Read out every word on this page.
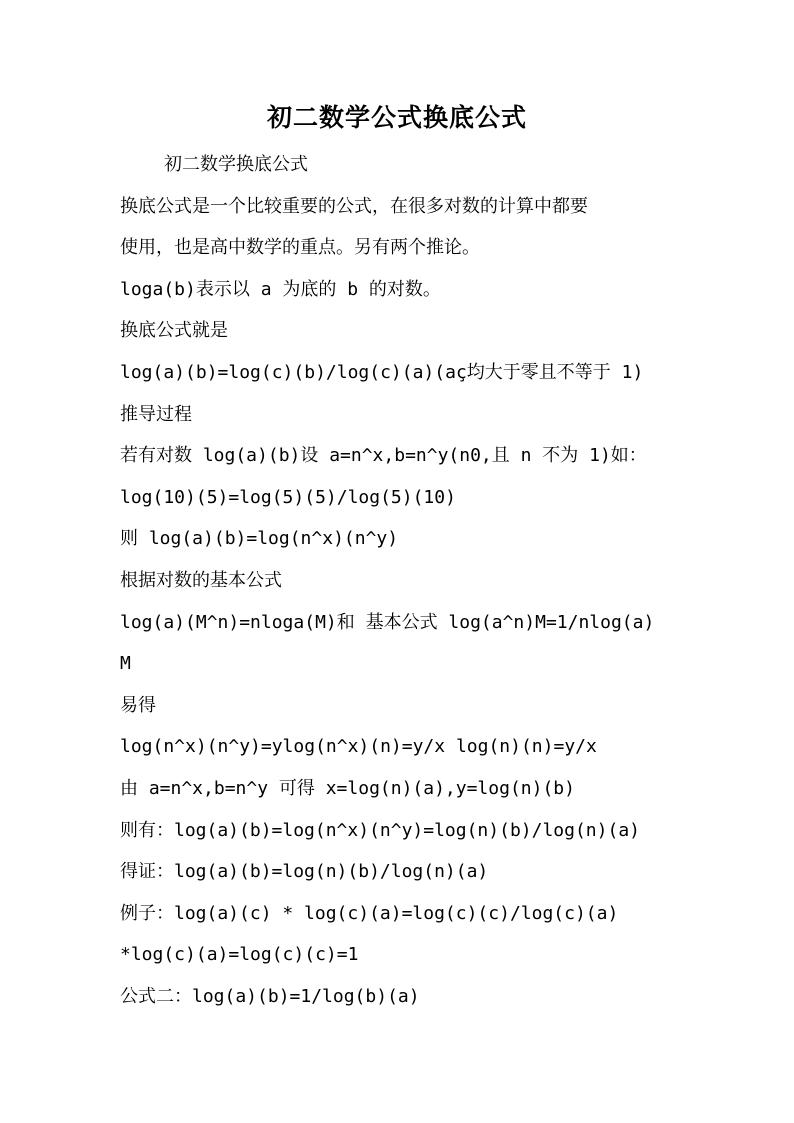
初二数学公式换底公式
初二数学换底公式
换底公式是一个比较重要的公式，在很多对数的计算中都要
使用，也是高中数学的重点。另有两个推论。
loga(b)表示以 a 为底的 b 的对数。
换底公式就是
log(a)(b)=log(c)(b)/log(c)(a)(aç均大于零且不等于 1)
推导过程
若有对数 log(a)(b)设 a=n^x,b=n^y(n0,且 n 不为 1)如：
log(10)(5)=log(5)(5)/log(5)(10)
则 log(a)(b)=log(n^x)(n^y)
根据对数的基本公式
log(a)(M^n)=nloga(M)和 基本公式 log(a^n)M=1/nlog(a)
M
易得
log(n^x)(n^y)=ylog(n^x)(n)=y/x log(n)(n)=y/x
由 a=n^x,b=n^y 可得 x=log(n)(a),y=log(n)(b)
则有：log(a)(b)=log(n^x)(n^y)=log(n)(b)/log(n)(a)
得证：log(a)(b)=log(n)(b)/log(n)(a)
例子：log(a)(c) * log(c)(a)=log(c)(c)/log(c)(a)
*log(c)(a)=log(c)(c)=1
公式二：log(a)(b)=1/log(b)(a)
